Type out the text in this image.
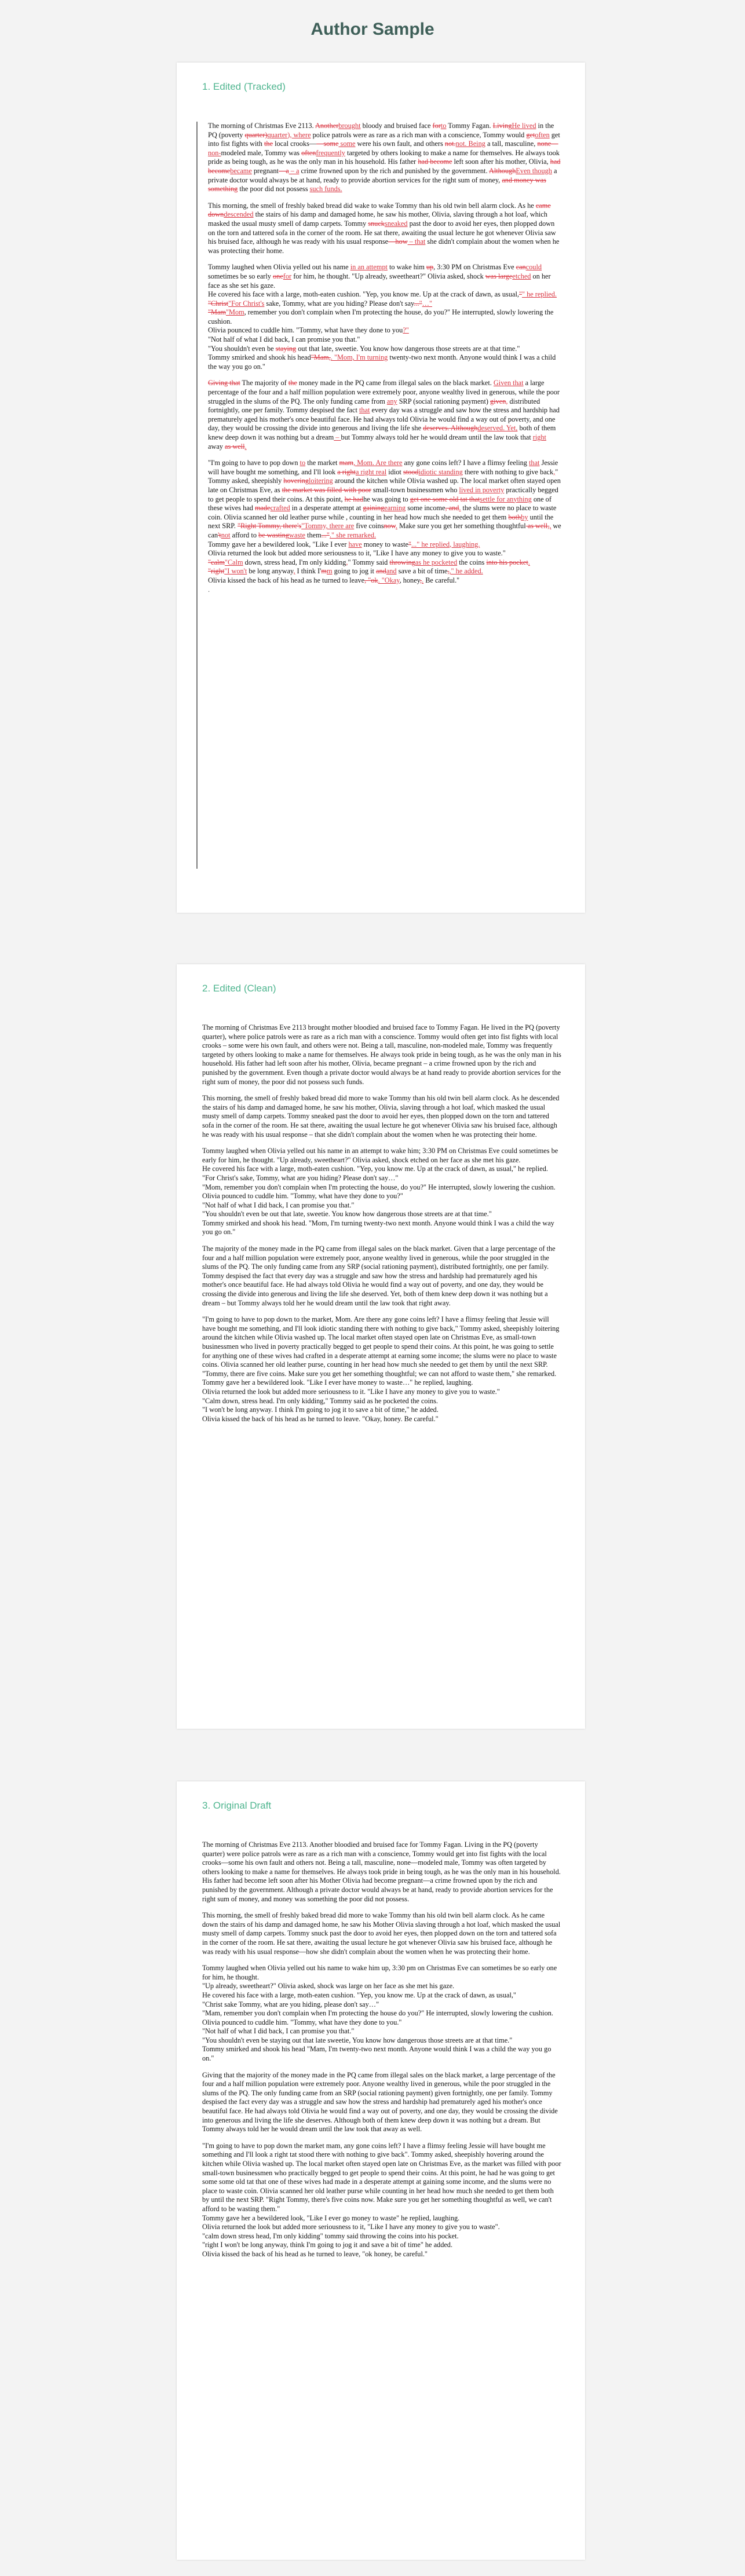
Author Sample
1. Edited (Tracked)

The morning of Christmas Eve 2113. Anotherbrought bloody and bruised face forto Tommy Fagan. LivingHe lived in the PQ (poverty quarter)quarter), where police patrols were as rare as a rich man with a conscience, Tommy would getoften get into fist fights with the local crooks——some some were his own fault, and others not.not. Being a tall, masculine, none—non-modeled male, Tommy was oftenfrequently targeted by others looking to make a name for themselves. He always took pride as being tough, as he was the only man in his household. His father had become left soon after his mother, Olivia, had becomebecame pregnant—a – a crime frowned upon by the rich and punished by the government. AlthoughEven though a private doctor would always be at hand, ready to provide abortion services for the right sum of money, and money was something the poor did not possess such funds.

This morning, the smell of freshly baked bread did wake to wake Tommy than his old twin bell alarm clock. As he came downdescended the stairs of his damp and damaged home, he saw his mother, Olivia, slaving through a hot loaf, which masked the usual musty smell of damp carpets. Tommy snucksneaked past the door to avoid her eyes, then plopped down on the torn and tattered sofa in the corner of the room. He sat there, awaiting the usual lecture he got whenever Olivia saw his bruised face, although he was ready with his usual response—how – that she didn't complain about the women when he was protecting their home.

Tommy laughed when Olivia yelled out his name in an attempt to wake him up, 3:30 PM on Christmas Eve cancould sometimes be so early onefor for him, he thought. "Up already, sweetheart?" Olivia asked, shock was largeetched on her face as she set his gaze.
He covered his face with a large, moth-eaten cushion. "Yep, you know me. Up at the crack of dawn, as usual,"" he replied.
"Christ"For Christ's sake, Tommy, what are you hiding? Please don't say..."…"
"Mam"Mom, remember you don't complain when I'm protecting the house, do you?" He interrupted, slowly lowering the cushion.
Olivia pounced to cuddle him. "Tommy, what have they done to you?"
"Not half of what I did back, I can promise you that."
"You shouldn't even be staying out that late, sweetie. You know how dangerous those streets are at that time."
Tommy smirked and shook his head"Mam,. "Mom, I'm turning twenty-two next month. Anyone would think I was a child the way you go on."

Giving that The majority of the money made in the PQ came from illegal sales on the black market. Given that a large percentage of the four and a half million population were extremely poor, anyone wealthy lived in generous, while the poor struggled in the slums of the PQ. The only funding came from any SRP (social rationing payment) given, distributed fortnightly, one per family. Tommy despised the fact that every day was a struggle and saw how the stress and hardship had prematurely aged his mother's once beautiful face. He had always told Olivia he would find a way out of poverty, and one day, they would be crossing the divide into generous and living the life she deserves. Althoughdeserved. Yet, both of them knew deep down it was nothing but a dream – but Tommy always told her he would dream until the law took that right away as well.

"I'm going to have to pop down to the market mam, Mom. Are there any gone coins left? I have a flimsy feeling that Jessie will have bought me something, and I'll look a righta right real idiot stoodidiotic standing there with nothing to give back," Tommy asked, sheepishly hoveringloitering around the kitchen while Olivia washed up. The local market often stayed open late on Christmas Eve, as the market was filled with poor small-town businessmen who lived in poverty practically begged to get people to spend their coins. At this point, he hadhe was going to get one some old tat thatsettle for anything one of these wives had madecrafted in a desperate attempt at gainingearning some income, and. the slums were no place to waste coin. Olivia scanned her old leather purse while , counting in her head how much she needed to get them bothby until the next SRP. "Right Tommy, there's"Tommy, there are five coinsnow. Make sure you get her something thoughtful as well,, we can'tnot afford to be wastingwaste them..."." she remarked.
Tommy gave her a bewildered look, "Like I ever have money to waste"..." he replied, laughing.
Olivia returned the look but added more seriousness to it, "Like I have any money to give you to waste."
"calm"Calm down, stress head, I'm only kidding," Tommy said throwingas he pocketed the coins into his pocket.
"right"I won't be long anyway, I think I'mm going to jog it andand save a bit of time,," he added.
Olivia kissed the back of his head as he turned to leave, "ok. "Okay, honey,. Be careful."
.

2. Edited (Clean)

The morning of Christmas Eve 2113 brought mother bloodied and bruised face to Tommy Fagan. He lived in the PQ (poverty quarter), where police patrols were as rare as a rich man with a conscience. Tommy would often get into fist fights with local crooks – some were his own fault, and others were not. Being a tall, masculine, non-modeled male, Tommy was frequently targeted by others looking to make a name for themselves. He always took pride in being tough, as he was the only man in his household. His father had left soon after his mother, Olivia, became pregnant – a crime frowned upon by the rich and punished by the government. Even though a private doctor would always be at hand ready to provide abortion services for the right sum of money, the poor did not possess such funds.

This morning, the smell of freshly baked bread did more to wake Tommy than his old twin bell alarm clock. As he descended the stairs of his damp and damaged home, he saw his mother, Olivia, slaving through a hot loaf, which masked the usual musty smell of damp carpets. Tommy sneaked past the door to avoid her eyes, then plopped down on the torn and tattered sofa in the corner of the room. He sat there, awaiting the usual lecture he got whenever Olivia saw his bruised face, although he was ready with his usual response – that she didn't complain about the women when he was protecting their home.

Tommy laughed when Olivia yelled out his name in an attempt to wake him; 3:30 PM on Christmas Eve could sometimes be early for him, he thought. "Up already, sweetheart?" Olivia asked, shock etched on her face as she met his gaze.
He covered his face with a large, moth-eaten cushion. "Yep, you know me. Up at the crack of dawn, as usual," he replied.
"For Christ's sake, Tommy, what are you hiding? Please don't say…"
"Mom, remember you don't complain when I'm protecting the house, do you?" He interrupted, slowly lowering the cushion.
Olivia pounced to cuddle him. "Tommy, what have they done to you?"
"Not half of what I did back, I can promise you that."
"You shouldn't even be out that late, sweetie. You know how dangerous those streets are at that time."
Tommy smirked and shook his head. "Mom, I'm turning twenty-two next month. Anyone would think I was a child the way you go on."

The majority of the money made in the PQ came from illegal sales on the black market. Given that a large percentage of the four and a half million population were extremely poor, anyone wealthy lived in generous, while the poor struggled in the slums of the PQ. The only funding came from any SRP (social rationing payment), distributed fortnightly, one per family. Tommy despised the fact that every day was a struggle and saw how the stress and hardship had prematurely aged his mother's once beautiful face. He had always told Olivia he would find a way out of poverty, and one day, they would be crossing the divide into generous and living the life she deserved. Yet, both of them knew deep down it was nothing but a dream – but Tommy always told her he would dream until the law took that right away.

"I'm going to have to pop down to the market, Mom. Are there any gone coins left? I have a flimsy feeling that Jessie will have bought me something, and I'll look idiotic standing there with nothing to give back," Tommy asked, sheepishly loitering around the kitchen while Olivia washed up. The local market often stayed open late on Christmas Eve, as small-town businessmen who lived in poverty practically begged to get people to spend their coins. At this point, he was going to settle for anything one of these wives had crafted in a desperate attempt at earning some income; the slums were no place to waste coins. Olivia scanned her old leather purse, counting in her head how much she needed to get them by until the next SRP. "Tommy, there are five coins. Make sure you get her something thoughtful; we can not afford to waste them," she remarked.
Tommy gave her a bewildered look. "Like I ever have money to waste…" he replied, laughing.
Olivia returned the look but added more seriousness to it. "Like I have any money to give you to waste."
"Calm down, stress head. I'm only kidding," Tommy said as he pocketed the coins.
"I won't be long anyway. I think I'm going to jog it to save a bit of time," he added.
Olivia kissed the back of his head as he turned to leave. "Okay, honey. Be careful."

3. Original Draft

The morning of Christmas Eve 2113. Another bloodied and bruised face for Tommy Fagan. Living in the PQ (poverty quarter) were police patrols were as rare as a rich man with a conscience, Tommy would get into fist fights with the local crooks—some his own fault and others not. Being a tall, masculine, none—modeled male, Tommy was often targeted by others looking to make a name for themselves. He always took pride in being tough, as he was the only man in his household. His father had become left soon after his Mother Olivia had become pregnant—a crime frowned upon by the rich and punished by the government. Although a private doctor would always be at hand, ready to provide abortion services for the right sum of money, and money was something the poor did not possess.

This morning, the smell of freshly baked bread did more to wake Tommy than his old twin bell alarm clock. As he came down the stairs of his damp and damaged home, he saw his Mother Olivia slaving through a hot loaf, which masked the usual musty smell of damp carpets. Tommy snuck past the door to avoid her eyes, then plopped down on the torn and tattered sofa in the corner of the room. He sat there, awaiting the usual lecture he got whenever Olivia saw his bruised face, although he was ready with his usual response—how she didn't complain about the women when he was protecting their home.

Tommy laughed when Olivia yelled out his name to wake him up, 3:30 pm on Christmas Eve can sometimes be so early one for him, he thought.
"Up already, sweetheart?" Olivia asked, shock was large on her face as she met his gaze.
He covered his face with a large, moth-eaten cushion. "Yep, you know me. Up at the crack of dawn, as usual,"
"Christ sake Tommy, what are you hiding, please don't say…"
"Mam, remember you don't complain when I'm protecting the house do you?" He interrupted, slowly lowering the cushion.
Olivia pounced to cuddle him. "Tommy, what have they done to you."
"Not half of what I did back, I can promise you that."
"You shouldn't even be staying out that late sweetie, You know how dangerous those streets are at that time."
Tommy smirked and shook his head "Mam, I'm twenty-two next month. Anyone would think I was a child the way you go on."

Giving that the majority of the money made in the PQ came from illegal sales on the black market, a large percentage of the four and a half million population were extremely poor. Anyone wealthy lived in generous, while the poor struggled in the slums of the PQ. The only funding came from an SRP (social rationing payment) given fortnightly, one per family. Tommy despised the fact every day was a struggle and saw how the stress and hardship had prematurely aged his mother's once beautiful face. He had always told Olivia he would find a way out of poverty, and one day, they would be crossing the divide into generous and living the life she deserves. Although both of them knew deep down it was nothing but a dream. But Tommy always told her he would dream until the law took that away as well.

"I'm going to have to pop down the market mam, any gone coins left? I have a flimsy feeling Jessie will have bought me something and I'll look a right tat stood there with nothing to give back". Tommy asked, sheepishly hovering around the kitchen while Olivia washed up. The local market often stayed open late on Christmas Eve, as the market was filled with poor small-town businessmen who practically begged to get people to spend their coins. At this point, he had he was going to get some some old tat that one of these wives had made in a desperate attempt at gaining some income, and the slums were no place to waste coin. Olivia scanned her old leather purse while counting in her head how much she needed to get them both by until the next SRP. "Right Tommy, there's five coins now. Make sure you get her something thoughtful as well, we can't afford to be wasting them."
Tommy gave her a bewildered look, "Like I ever go money to waste" he replied, laughing.
Olivia returned the look but added more seriousness to it, "Like I have any money to give you to waste".
"calm down stress head, I'm only kidding" tommy said throwing the coins into his pocket.
"right I won't be long anyway, think I'm going to jog it and save a bit of time" he added.
Olivia kissed the back of his head as he turned to leave, "ok honey, be careful."
